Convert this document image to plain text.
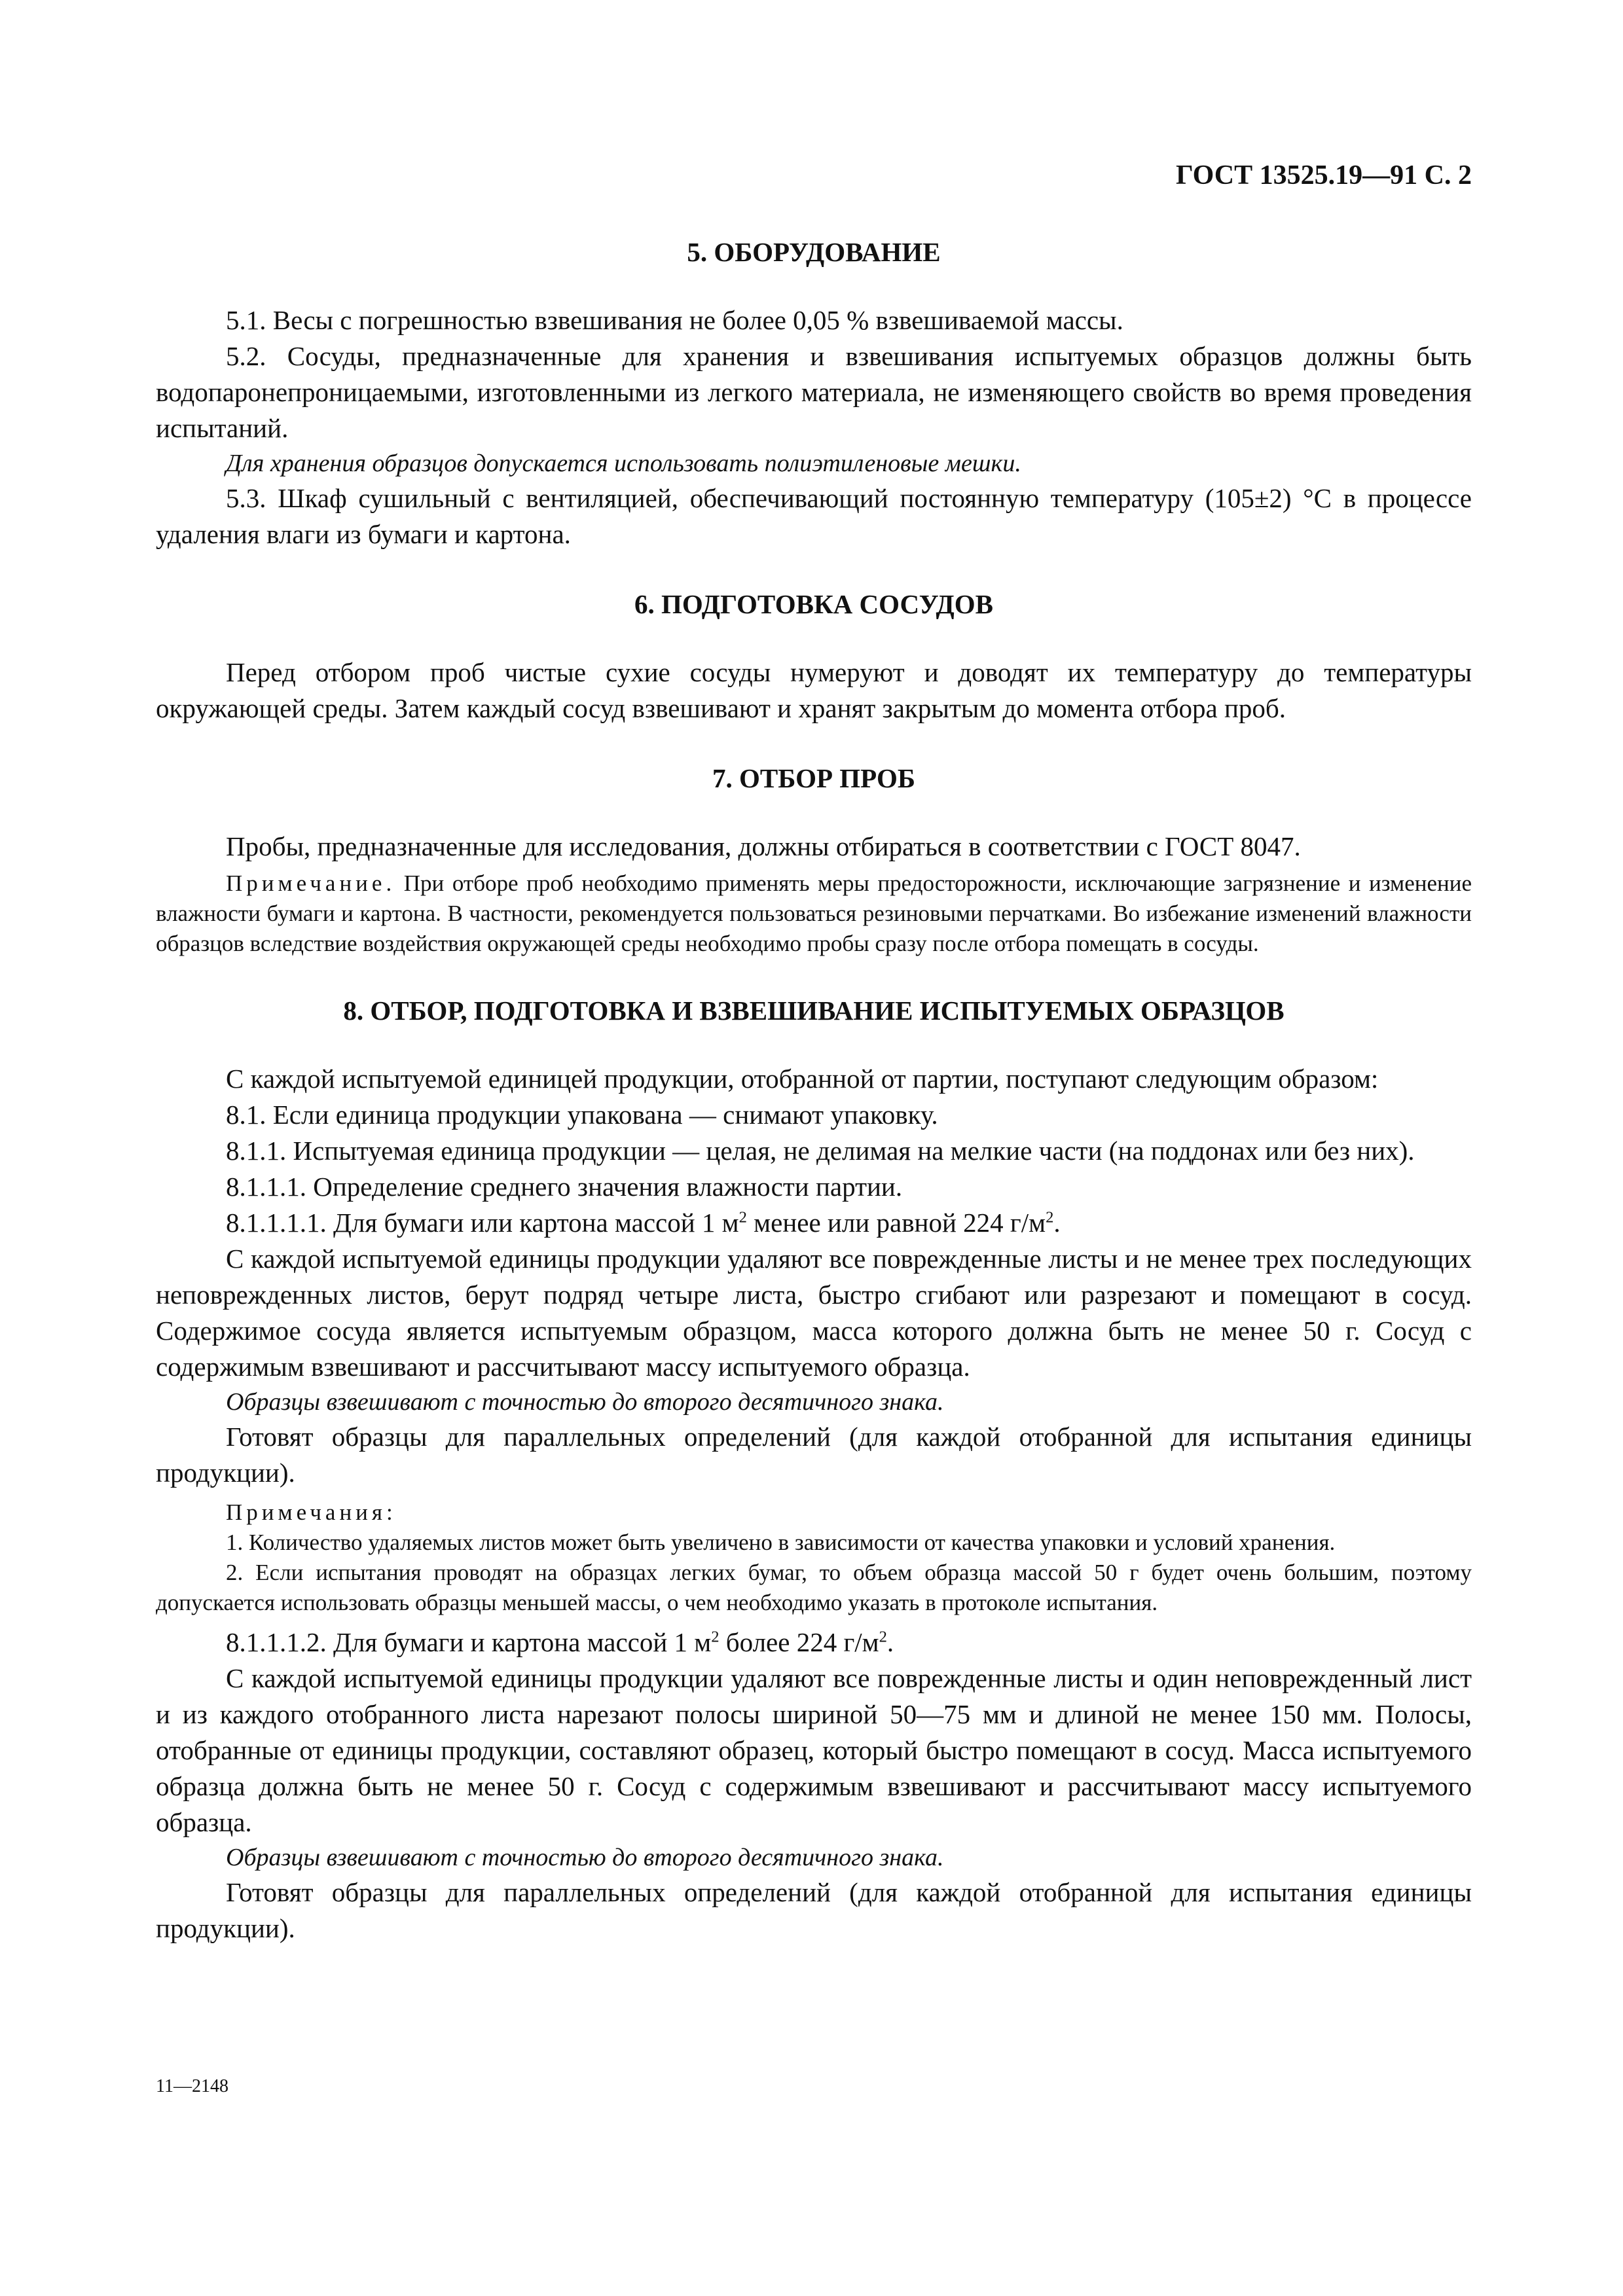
ГОСТ 13525.19—91 С. 2
5. ОБОРУДОВАНИЕ

5.1. Весы с погрешностью взвешивания не более 0,05 % взвешиваемой массы.

5.2. Сосуды, предназначенные для хранения и взвешивания испытуемых образцов должны быть водопаронепроницаемыми, изготовленными из легкого материала, не изменяющего свойств во время проведения испытаний.

Для хранения образцов допускается использовать полиэтиленовые мешки.

5.3. Шкаф сушильный с вентиляцией, обеспечивающий постоянную температуру (105±2) °С в процессе удаления влаги из бумаги и картона.

6. ПОДГОТОВКА СОСУДОВ

Перед отбором проб чистые сухие сосуды нумеруют и доводят их температуру до температуры окружающей среды. Затем каждый сосуд взвешивают и хранят закрытым до момента отбора проб.

7. ОТБОР ПРОБ

Пробы, предназначенные для исследования, должны отбираться в соответствии с ГОСТ 8047.

Примечание. При отборе проб необходимо применять меры предосторожности, исключающие загрязнение и изменение влажности бумаги и картона. В частности, рекомендуется пользоваться резиновыми перчатками. Во избежание изменений влажности образцов вследствие воздействия окружающей среды необходимо пробы сразу после отбора помещать в сосуды.

8. ОТБОР, ПОДГОТОВКА И ВЗВЕШИВАНИЕ ИСПЫТУЕМЫХ ОБРАЗЦОВ

С каждой испытуемой единицей продукции, отобранной от партии, поступают следующим образом:

8.1. Если единица продукции упакована — снимают упаковку.

8.1.1. Испытуемая единица продукции — целая, не делимая на мелкие части (на поддонах или без них).

8.1.1.1. Определение среднего значения влажности партии.

8.1.1.1.1. Для бумаги или картона массой 1 $м^2$ менее или равной 224 $г/м^2$.

С каждой испытуемой единицы продукции удаляют все поврежденные листы и не менее трех последующих неповрежденных листов, берут подряд четыре листа, быстро сгибают или разрезают и помещают в сосуд. Содержимое сосуда является испытуемым образцом, масса которого должна быть не менее 50 г. Сосуд с содержимым взвешивают и рассчитывают массу испытуемого образца.

Образцы взвешивают с точностью до второго десятичного знака.

Готовят образцы для параллельных определений (для каждой отобранной для испытания единицы продукции).

Примечания:

1. Количество удаляемых листов может быть увеличено в зависимости от качества упаковки и условий хранения.

2. Если испытания проводят на образцах легких бумаг, то объем образца массой 50 г будет очень большим, поэтому допускается использовать образцы меньшей массы, о чем необходимо указать в протоколе испытания.

8.1.1.1.2. Для бумаги и картона массой 1 $м^2$ более 224 $г/м^2$.

С каждой испытуемой единицы продукции удаляют все поврежденные листы и один неповрежденный лист и из каждого отобранного листа нарезают полосы шириной 50—75 мм и длиной не менее 150 мм. Полосы, отобранные от единицы продукции, составляют образец, который быстро помещают в сосуд. Масса испытуемого образца должна быть не менее 50 г. Сосуд с содержимым взвешивают и рассчитывают массу испытуемого образца.

Образцы взвешивают с точностью до второго десятичного знака.

Готовят образцы для параллельных определений (для каждой отобранной для испытания единицы продукции).

11—2148
